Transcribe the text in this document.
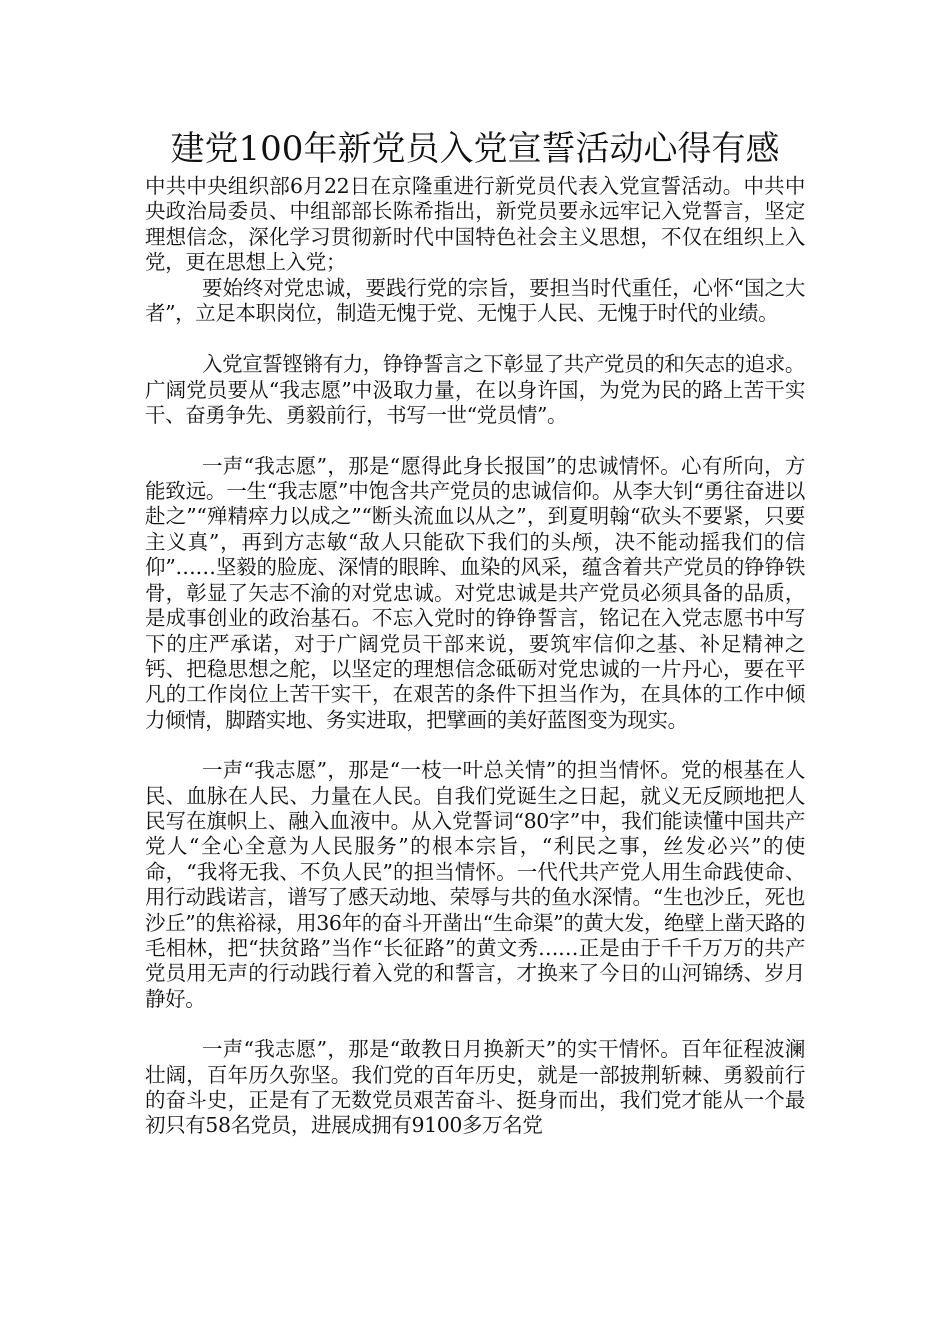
建党100年新党员入党宣誓活动心得有感

中共中央组织部6月22日在京隆重进行新党员代表入党宣誓活动。中共中央政治局委员、中组部部长陈希指出，新党员要永远牢记入党誓言，坚定理想信念，深化学习贯彻新时代中国特色社会主义思想，不仅在组织上入党，更在思想上入党；

要始终对党忠诚，要践行党的宗旨，要担当时代重任，心怀“国之大者”，立足本职岗位，制造无愧于党、无愧于人民、无愧于时代的业绩。

入党宣誓铿锵有力，铮铮誓言之下彰显了共产党员的和矢志的追求。广阔党员要从“我志愿”中汲取力量，在以身许国，为党为民的路上苦干实干、奋勇争先、勇毅前行，书写一世“党员情”。

一声“我志愿”，那是“愿得此身长报国”的忠诚情怀。心有所向，方能致远。一生“我志愿”中饱含共产党员的忠诚信仰。从李大钊“勇往奋进以赴之”“殚精瘁力以成之”“断头流血以从之”，到夏明翰“砍头不要紧，只要主义真”，再到方志敏“敌人只能砍下我们的头颅，决不能动摇我们的信仰”……坚毅的脸庞、深情的眼眸、血染的风采，蕴含着共产党员的铮铮铁骨，彰显了矢志不渝的对党忠诚。对党忠诚是共产党员必须具备的品质，是成事创业的政治基石。不忘入党时的铮铮誓言，铭记在入党志愿书中写下的庄严承诺，对于广阔党员干部来说，要筑牢信仰之基、补足精神之钙、把稳思想之舵，以坚定的理想信念砥砺对党忠诚的一片丹心，要在平凡的工作岗位上苦干实干，在艰苦的条件下担当作为，在具体的工作中倾力倾情，脚踏实地、务实进取，把擘画的美好蓝图变为现实。

一声“我志愿”，那是“一枝一叶总关情”的担当情怀。党的根基在人民、血脉在人民、力量在人民。自我们党诞生之日起，就义无反顾地把人民写在旗帜上、融入血液中。从入党誓词“80字”中，我们能读懂中国共产党人“全心全意为人民服务”的根本宗旨，“利民之事，丝发必兴”的使命，“我将无我、不负人民”的担当情怀。一代代共产党人用生命践使命、用行动践诺言，谱写了感天动地、荣辱与共的鱼水深情。“生也沙丘，死也沙丘”的焦裕禄，用36年的奋斗开凿出“生命渠”的黄大发，绝壁上凿天路的毛相林，把“扶贫路”当作“长征路”的黄文秀……正是由于千千万万的共产党员用无声的行动践行着入党的和誓言，才换来了今日的山河锦绣、岁月静好。

一声“我志愿”，那是“敢教日月换新天”的实干情怀。百年征程波澜壮阔，百年历久弥坚。我们党的百年历史，就是一部披荆斩棘、勇毅前行的奋斗史，正是有了无数党员艰苦奋斗、挺身而出，我们党才能从一个最初只有58名党员，进展成拥有9100多万名党
